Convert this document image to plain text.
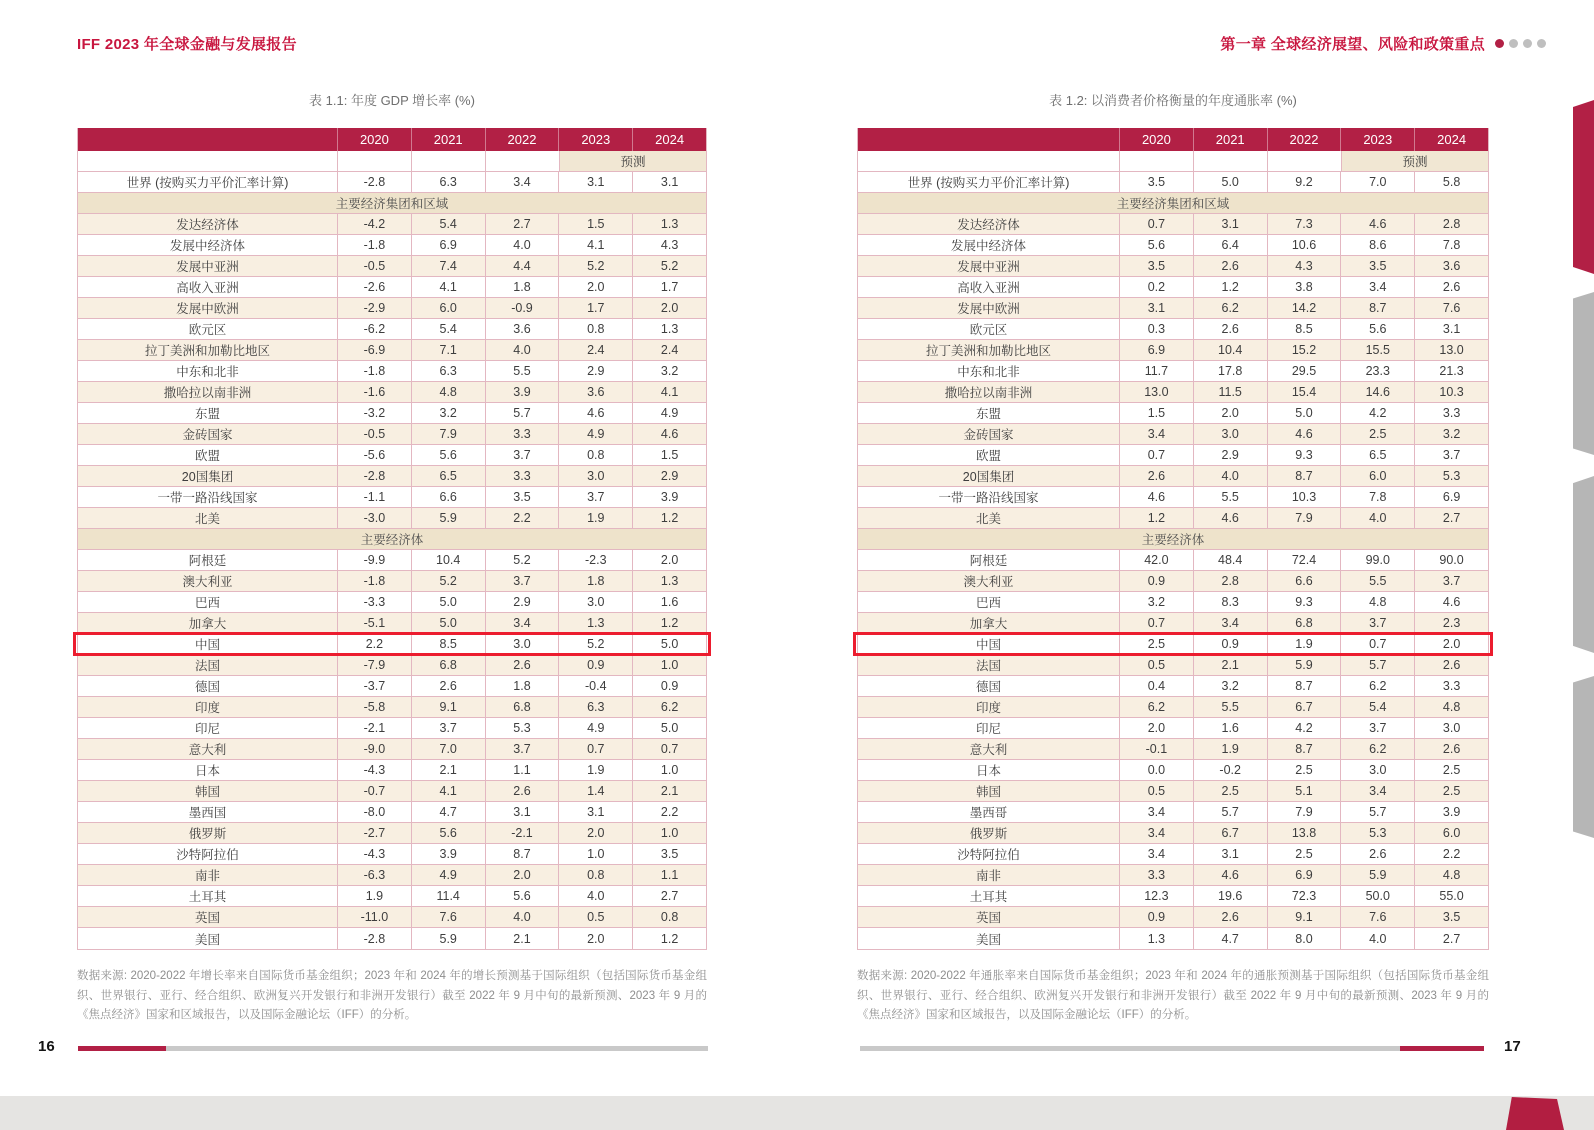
IFF 2023 年全球金融与发展报告	第一章 全球经济展望、风险和政策重点
表 1.1: 年度 GDP 增长率 (%)
2020	2021	2022	2023	2024
预测
世界 (按购买力平价汇率计算)	-2.8	6.3	3.4	3.1	3.1
主要经济集团和区域
发达经济体	-4.2	5.4	2.7	1.5	1.3
发展中经济体	-1.8	6.9	4.0	4.1	4.3
发展中亚洲	-0.5	7.4	4.4	5.2	5.2
高收入亚洲	-2.6	4.1	1.8	2.0	1.7
发展中欧洲	-2.9	6.0	-0.9	1.7	2.0
欧元区	-6.2	5.4	3.6	0.8	1.3
拉丁美洲和加勒比地区	-6.9	7.1	4.0	2.4	2.4
中东和北非	-1.8	6.3	5.5	2.9	3.2
撒哈拉以南非洲	-1.6	4.8	3.9	3.6	4.1
东盟	-3.2	3.2	5.7	4.6	4.9
金砖国家	-0.5	7.9	3.3	4.9	4.6
欧盟	-5.6	5.6	3.7	0.8	1.5
20国集团	-2.8	6.5	3.3	3.0	2.9
一带一路沿线国家	-1.1	6.6	3.5	3.7	3.9
北美	-3.0	5.9	2.2	1.9	1.2
主要经济体
阿根廷	-9.9	10.4	5.2	-2.3	2.0
澳大利亚	-1.8	5.2	3.7	1.8	1.3
巴西	-3.3	5.0	2.9	3.0	1.6
加拿大	-5.1	5.0	3.4	1.3	1.2
中国	2.2	8.5	3.0	5.2	5.0
法国	-7.9	6.8	2.6	0.9	1.0
德国	-3.7	2.6	1.8	-0.4	0.9
印度	-5.8	9.1	6.8	6.3	6.2
印尼	-2.1	3.7	5.3	4.9	5.0
意大利	-9.0	7.0	3.7	0.7	0.7
日本	-4.3	2.1	1.1	1.9	1.0
韩国	-0.7	4.1	2.6	1.4	2.1
墨西国	-8.0	4.7	3.1	3.1	2.2
俄罗斯	-2.7	5.6	-2.1	2.0	1.0
沙特阿拉伯	-4.3	3.9	8.7	1.0	3.5
南非	-6.3	4.9	2.0	0.8	1.1
土耳其	1.9	11.4	5.6	4.0	2.7
英国	-11.0	7.6	4.0	0.5	0.8
美国	-2.8	5.9	2.1	2.0	1.2
数据来源: 2020-2022 年增长率来自国际货币基金组织；2023 年和 2024 年的增长预测基于国际组织（包括国际货币基金组织、世界银行、亚行、经合组织、欧洲复兴开发银行和非洲开发银行）截至 2022 年 9 月中旬的最新预测、2023 年 9 月的《焦点经济》国家和区域报告，以及国际金融论坛（IFF）的分析。
表 1.2: 以消费者价格衡量的年度通胀率 (%)
2020	2021	2022	2023	2024
预测
世界 (按购买力平价汇率计算)	3.5	5.0	9.2	7.0	5.8
主要经济集团和区域
发达经济体	0.7	3.1	7.3	4.6	2.8
发展中经济体	5.6	6.4	10.6	8.6	7.8
发展中亚洲	3.5	2.6	4.3	3.5	3.6
高收入亚洲	0.2	1.2	3.8	3.4	2.6
发展中欧洲	3.1	6.2	14.2	8.7	7.6
欧元区	0.3	2.6	8.5	5.6	3.1
拉丁美洲和加勒比地区	6.9	10.4	15.2	15.5	13.0
中东和北非	11.7	17.8	29.5	23.3	21.3
撒哈拉以南非洲	13.0	11.5	15.4	14.6	10.3
东盟	1.5	2.0	5.0	4.2	3.3
金砖国家	3.4	3.0	4.6	2.5	3.2
欧盟	0.7	2.9	9.3	6.5	3.7
20国集团	2.6	4.0	8.7	6.0	5.3
一带一路沿线国家	4.6	5.5	10.3	7.8	6.9
北美	1.2	4.6	7.9	4.0	2.7
主要经济体
阿根廷	42.0	48.4	72.4	99.0	90.0
澳大利亚	0.9	2.8	6.6	5.5	3.7
巴西	3.2	8.3	9.3	4.8	4.6
加拿大	0.7	3.4	6.8	3.7	2.3
中国	2.5	0.9	1.9	0.7	2.0
法国	0.5	2.1	5.9	5.7	2.6
德国	0.4	3.2	8.7	6.2	3.3
印度	6.2	5.5	6.7	5.4	4.8
印尼	2.0	1.6	4.2	3.7	3.0
意大利	-0.1	1.9	8.7	6.2	2.6
日本	0.0	-0.2	2.5	3.0	2.5
韩国	0.5	2.5	5.1	3.4	2.5
墨西哥	3.4	5.7	7.9	5.7	3.9
俄罗斯	3.4	6.7	13.8	5.3	6.0
沙特阿拉伯	3.4	3.1	2.5	2.6	2.2
南非	3.3	4.6	6.9	5.9	4.8
土耳其	12.3	19.6	72.3	50.0	55.0
英国	0.9	2.6	9.1	7.6	3.5
美国	1.3	4.7	8.0	4.0	2.7
数据来源: 2020-2022 年通胀率来自国际货币基金组织；2023 年和 2024 年的通胀预测基于国际组织（包括国际货币基金组织、世界银行、亚行、经合组织、欧洲复兴开发银行和非洲开发银行）截至 2022 年 9 月中旬的最新预测、2023 年 9 月的《焦点经济》国家和区域报告，以及国际金融论坛（IFF）的分析。
16	17
